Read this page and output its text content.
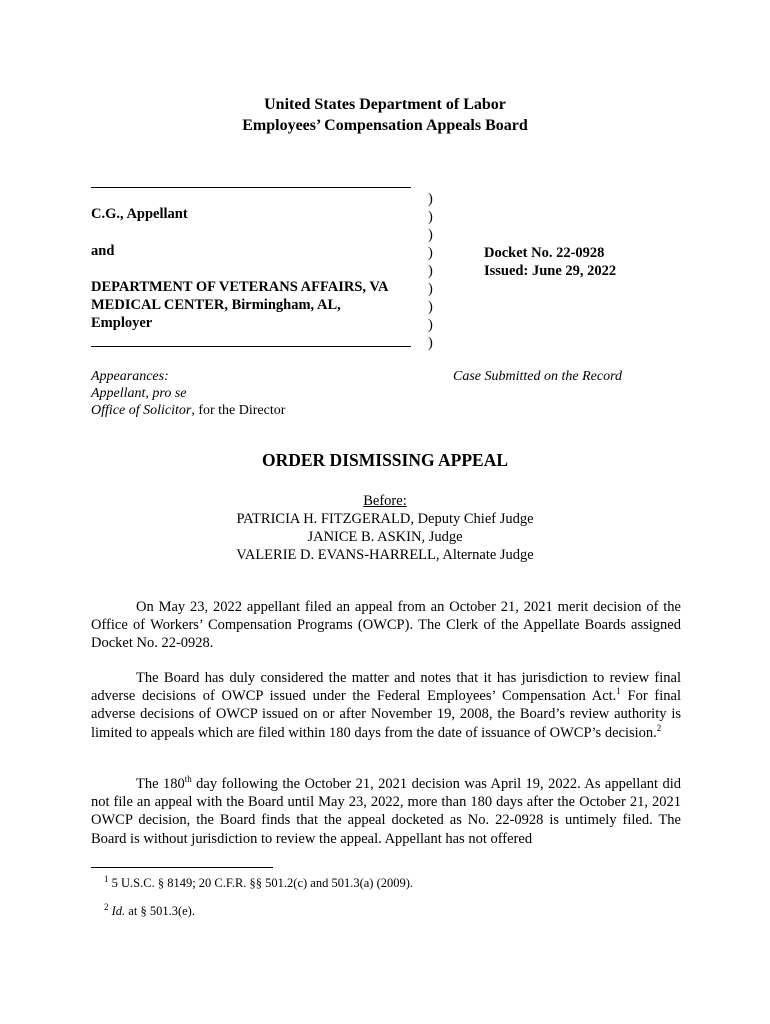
United States Department of Labor
Employees’ Compensation Appeals Board
C.G., Appellant
and
DEPARTMENT OF VETERANS AFFAIRS, VA
MEDICAL CENTER, Birmingham, AL,
Employer
)
)
)
)
)
)
)
)
)
Docket No. 22-0928
Issued: June 29, 2022
Appearances:
Appellant, pro se
Office of Solicitor, for the Director
Case Submitted on the Record
ORDER DISMISSING APPEAL
Before:
PATRICIA H. FITZGERALD, Deputy Chief Judge
JANICE B. ASKIN, Judge
VALERIE D. EVANS-HARRELL, Alternate Judge
On May 23, 2022 appellant filed an appeal from an October 21, 2021 merit decision of the Office of Workers’ Compensation Programs (OWCP). The Clerk of the Appellate Boards assigned Docket No. 22-0928.
The Board has duly considered the matter and notes that it has jurisdiction to review final adverse decisions of OWCP issued under the Federal Employees’ Compensation Act.$^1$ For final adverse decisions of OWCP issued on or after November 19, 2008, the Board’s review authority is limited to appeals which are filed within 180 days from the date of issuance of OWCP’s decision.$^2$
The 180th day following the October 21, 2021 decision was April 19, 2022. As appellant did not file an appeal with the Board until May 23, 2022, more than 180 days after the October 21, 2021 OWCP decision, the Board finds that the appeal docketed as No. 22-0928 is untimely filed. The Board is without jurisdiction to review the appeal. Appellant has not offered
$^1$ 5 U.S.C. § 8149; 20 C.F.R. §§ 501.2(c) and 501.3(a) (2009).
$^2$ Id. at § 501.3(e).
